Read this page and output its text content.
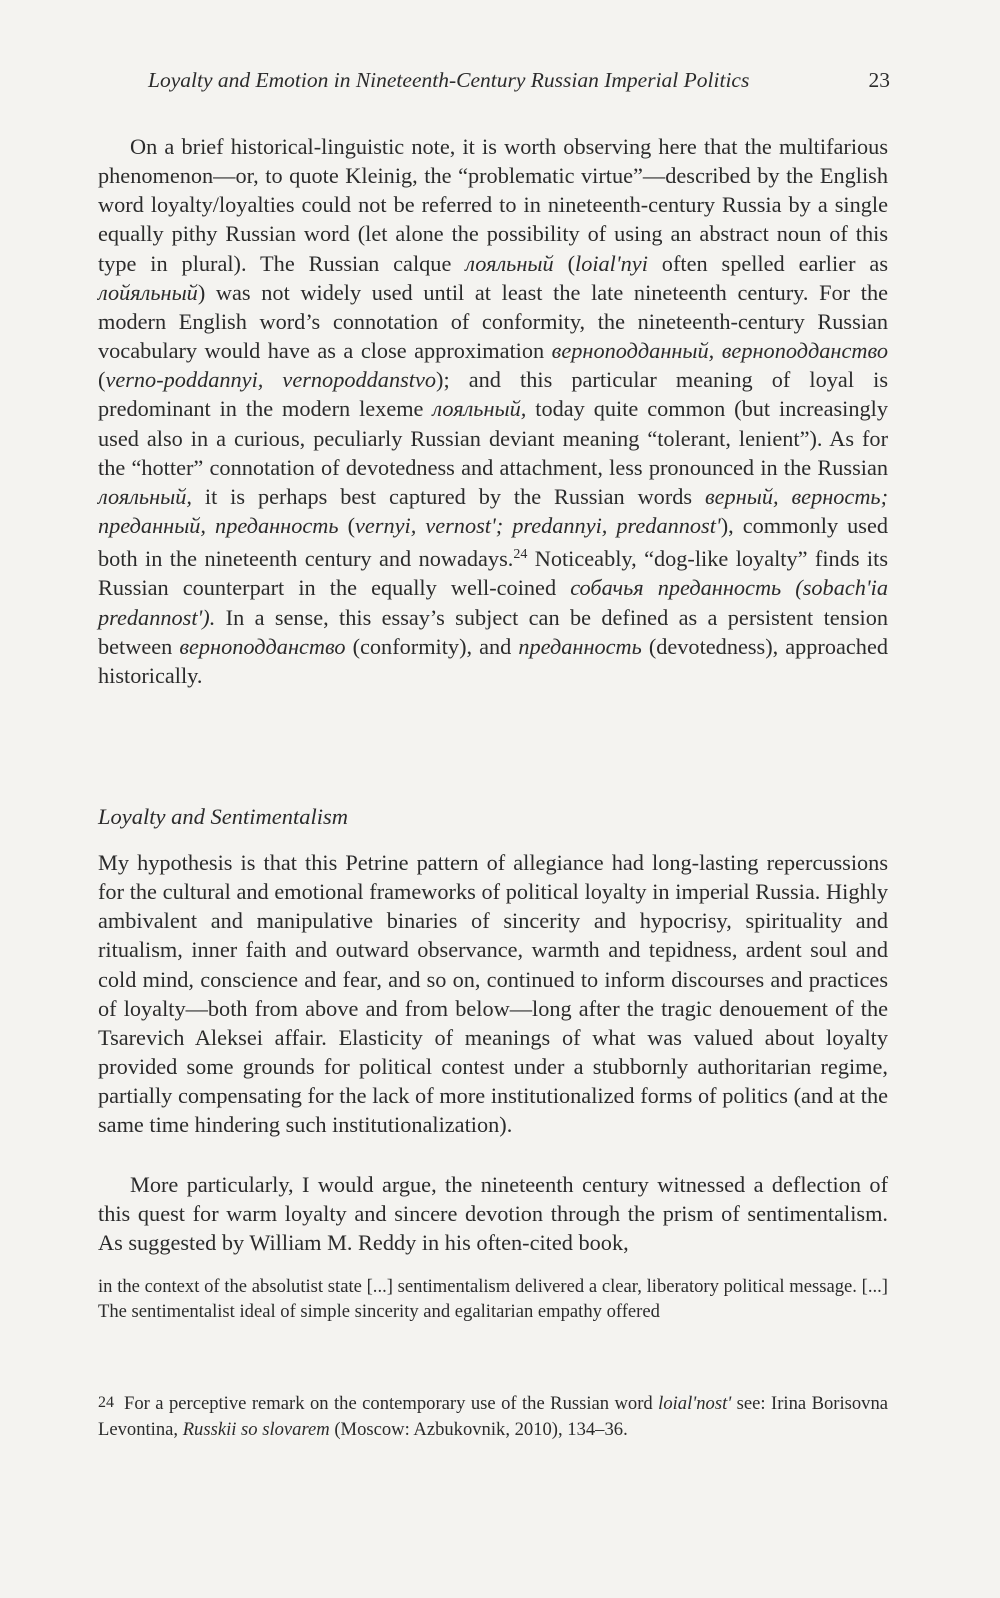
Loyalty and Emotion in Nineteenth-Century Russian Imperial Politics	23
On a brief historical-linguistic note, it is worth observing here that the multifarious phenomenon—or, to quote Kleinig, the “problematic virtue”—described by the English word loyalty/loyalties could not be referred to in nineteenth-century Russia by a single equally pithy Russian word (let alone the possibility of using an abstract noun of this type in plural). The Russian calque лояльный (loial'nyi often spelled earlier as лойяльный) was not widely used until at least the late nineteenth century. For the modern English word’s connotation of conformity, the nineteenth-century Russian vocabulary would have as a close approximation верноподданный, верноподданство (verno-poddannyi, vernopoddanstvo); and this particular meaning of loyal is predominant in the modern lexeme лояльный, today quite common (but increasingly used also in a curious, peculiarly Russian deviant meaning “tolerant, lenient”). As for the “hotter” connotation of devotedness and attachment, less pronounced in the Russian лояльный, it is perhaps best captured by the Russian words верный, верность; преданный, преданность (vernyi, vernost'; predannyi, predannost'), commonly used both in the nineteenth century and nowadays.$^{24}$ Noticeably, “dog-like loyalty” finds its Russian counterpart in the equally well-coined собачья преданность (sobach'ia predannost'). In a sense, this essay’s subject can be defined as a persistent tension between верноподданство (conformity), and преданность (devotedness), approached historically.
Loyalty and Sentimentalism
My hypothesis is that this Petrine pattern of allegiance had long-lasting repercussions for the cultural and emotional frameworks of political loyalty in imperial Russia. Highly ambivalent and manipulative binaries of sincerity and hypocrisy, spirituality and ritualism, inner faith and outward observance, warmth and tepidness, ardent soul and cold mind, conscience and fear, and so on, continued to inform discourses and practices of loyalty—both from above and from below—long after the tragic denouement of the Tsarevich Aleksei affair. Elasticity of meanings of what was valued about loyalty provided some grounds for political contest under a stubbornly authoritarian regime, partially compensating for the lack of more institutionalized forms of politics (and at the same time hindering such institutionalization).
More particularly, I would argue, the nineteenth century witnessed a deflection of this quest for warm loyalty and sincere devotion through the prism of sentimentalism. As suggested by William M. Reddy in his often-cited book,
in the context of the absolutist state [...] sentimentalism delivered a clear, liberatory political message. [...] The sentimentalist ideal of simple sincerity and egalitarian empathy offered
24 For a perceptive remark on the contemporary use of the Russian word loial'nost' see: Irina Borisovna Levontina, Russkii so slovarem (Moscow: Azbukovnik, 2010), 134–36.
